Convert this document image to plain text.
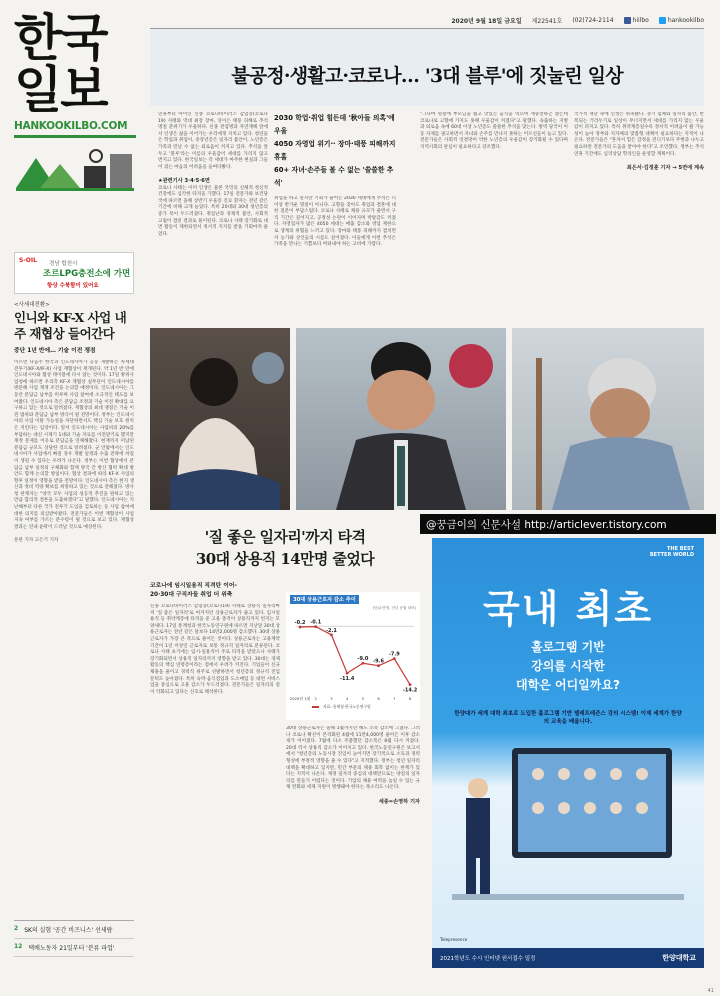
한국
일보
HANKOOKILBO.COM
2020년 9월 18일 금요일 제22541호 (02)724-2114	hiilbo	hankookilbo
불공정·생활고·코로나… '3대 블루'에 짓눌린 일상
연휴부터 아이인 신종 코로나바이러스 감염증(코로나19) 사태와 역대 최장 장마, 연이은 태풍 피해로 추석 명절 분위기가 우울하다. 신종 전염병과 자연재해 앞에서 인생은 삶을 이어가는 우리에게 지치고 있다. 청년들은 학업과 취업이, 중장년층은 일자리 불안이, 노년층은 가족과 만날 수 없는 외로움이 커지고 있다. 추석을 앞두고 '블루'라는 이름의 우울감이 세대를 가리지 않고 번지고 있다. 한국일보는 각 세대가 마주한 현실과 그들이 겪는 마음의 어려움을 들여다봤다.

★관련기사 3·4·5·6면
코로나 사태는 이미 인생은 물론 국민의 신체적 정신적 건강에도 심각한 타격을 가했다. 17일 전문가와 보건당국에 따르면 올해 상반기 우울증 진료 환자는 전년 같은 기간에 비해 크게 늘었다. 특히 20대와 30대 청년층의 증가 폭이 두드러졌다. 취업난과 경제적 불안, 사회적 고립이 겹친 결과로 풀이된다. 코로나 사태 장기화로 대면 활동이 제한되면서 정서적 지지를 받을 기회마저 줄었다.
2030 학업·취업 힘든데 '秋아들 의혹'에 우울
4050 자영업 위기·· 장마·태풍 피해까지 휴홀
60+ 자녀·손주들 볼 수 없는 '쓸쓸한 추석'
취업을 하고 싶지만 기회가 줄어든 2030 세대에게 추석은 더 이상 반가운 명절이 아니다. 고향을 찾아도 취업과 결혼에 대한 질문이 부담스럽다. 코로나 사태로 채용 규모가 줄면서 구직 기간은 길어지고, 공정성 논란이 이어지며 박탈감도 커졌다. 자영업자가 많은 4050 세대는 매출 감소와 영업 제한으로 생계의 위협을 느끼고 있다. 장마와 태풍 피해까지 겹치면서 농가와 상인들의 시름도 깊어졌다. 이들에게 이번 추석은 가족을 만나는 기쁨보다 버텨내야 하는 고비에 가깝다.
"그나마 명절에 부모님을 뵙고 맛있는 음식을 먹으며 재충전하곤 했는데 코로나로 고향에 가지도 못해 우울감이 커졌다"고 말했다. 속출하는 지병과 외로움 속에 60대 이상 노년층도 쓸쓸한 추석을 맞는다. 방역 당국이 이동 자제를 권고하면서 자녀와 손주를 만나지 못하는 어르신들이 늘고 있다. 전문가들은 사회적 연결망이 약한 노년층의 우울감이 장기화될 수 있다며 지역사회의 관심이 필요하다고 강조했다.
국가적 재난 속에 인생은 위축됐다. 경기 침체와 일자리 불안, 반복되는 거리두기로 일상이 무너지면서 세대를 가리지 않는 우울감이 퍼지고 있다. 특히 취약계층일수록 정서적 어려움이 클 가능성이 높아 정부와 지자체의 맞춤형 대책이 필요하다는 지적이 나온다. 전문가들은 "혼자서 힘든 감정을 견디기보다 주변과 나누고 필요하면 전문가의 도움을 받아야 한다"고 조언했다. 정부는 추석 연휴 기간에도 심리상담 핫라인을 운영할 계획이다.

최은서·김정훈 기자 → 5면에 계속
S-OIL 경남 합천시
조르LPG충전소에 가면
항상 수북함이 있어요
<사세대전환>
인니와 KF-X 사업 내주 재협상 들어간다
중단 1년 반에… 기술 이전 쟁점
이르면 다음주 한국과 인도네시아가 공동 개발하는 차세대 전투기(KF-X/IF-X) 사업 재협상이 재개된다. 약 1년 반 만에 인도네시아와 협상 테이블에 다시 앉는 것이다. 17일 방위사업청에 따르면 우리측 KF-X 재협상 실무단이 인도네시아를 방문해 사업 재개 조건을 논의할 예정이다. 인도네시아는 그동안 분담금 납부를 미루며 사업 참여에 소극적인 태도를 보여왔다. 인도네시아 측은 분담금 조정과 기술 이전 확대를 요구하고 있는 것으로 알려졌다. 재협상의 최대 쟁점은 기술 이전 범위와 분담금 납부 방식이 될 전망이다. 정부는 인도네시아의 사업 이탈 가능성을 차단하면서도 핵심 기술 보호 원칙은 지킨다는 입장이다. 앞서 인도네시아는 사업비의 20%를 부담하는 대신 시제기 1대와 기술 자료를 이전받기로 했지만 재정 문제를 이유로 분담금을 연체해왔다. 현재까지 미납된 분담금 규모도 상당한 것으로 알려졌다. 군 안팎에서는 인도네시아가 사업에서 빠질 경우 개발 일정과 수출 전략에 차질이 생길 수 있다는 우려가 나온다. 정부는 이번 협상에서 분담금 납부 일정의 구체화와 함께 양국 간 방산 협력 확대 방안도 함께 논의할 방침이다. 협상 결과에 따라 KF-X 사업의 향후 일정이 영향을 받을 전망이다. 인도네시아 측은 현지 생산과 정비 역량 확보를 희망하고 있는 것으로 전해졌다. 방사청 관계자는 "양국 모두 사업의 성공적 추진을 원하고 있는 만큼 합리적 결론을 도출하겠다"고 말했다. 인도네시아는 지난해부터 다른 국가 전투기 도입을 검토하는 등 사업 참여에 대한 의지를 의심받아왔다. 전문가들은 이번 재협상이 사업 지속 여부를 가르는 분수령이 될 것으로 보고 있다. 재협상 결과는 연내 윤곽이 드러날 것으로 예상된다.

문관 기자 고은기 기자
2 SK의 실험 '공간 비즈니스' 선새람
12 택배노동자 21일부터 '분류 파업'
'질 좋은 일자리'까지 타격
30대 상용직 14만명 줄었다
코로나에 임시일용직 직격탄 이어-
20·30대 구직자들 취업 더 위축
신종 코로나바이러스 감염증(코로나19) 사태로 상용직 일자리마저 '질 좋은 일자리'로 여겨지던 상용근로자가 줄고 있다. 임시일용직 등 취약계층에 타격을 준 고용 충격이 상용직까지 번지는 모양새다. 17일 통계청과 한국노동연구원에 따르면 지난달 30대 상용근로자는 전년 같은 달보다 14만2,000명 감소했다. 30대 상용근로자가 가장 큰 폭으로 줄어든 것이다. 상용근로자는 고용계약 기간이 1년 이상인 근로자로 보통 정규직 일자리로 분류된다. 코로나 사태 초기에는 임시·일용직이 주로 타격을 받았으나 사태가 장기화되면서 상용직 일자리까지 영향을 받고 있다. 30대는 경제활동의 핵심 연령층이라는 점에서 우려가 커진다. 기업들이 신규 채용을 줄이고 경력직 위주로 선발하면서 청년층의 정규직 진입 문턱도 높아졌다. 특히 숙박·음식점업과 도소매업 등 대면 서비스업을 중심으로 고용 감소가 두드러졌다. 전문가들은 일자리의 질이 악화되고 있다는 신호로 해석한다.
30대 상용근로자는 올해 1월까지만 해도 소폭 감소에 그쳤다. 그러나 코로나 확산이 본격화된 4월에 11만4,000명 줄어든 이후 감소세가 이어졌다. 7월에 다소 주춤했던 감소폭은 8월 다시 커졌다. 20대 역시 상용직 감소가 이어지고 있다. 한국노동연구원은 보고서에서 "청년층의 노동시장 진입이 늦어지면 장기적으로 소득과 경력 형성에 부정적 영향을 줄 수 있다"고 지적했다. 정부는 청년 일자리 대책을 확대하고 있지만, 민간 부문의 채용 회복 없이는 한계가 있다는 지적이 나온다. 재정 일자리 중심의 대책만으로는 양질의 일자리를 만들기 어렵다는 것이다. 기업의 채용 여력을 높일 수 있는 규제 완화와 세제 지원이 병행돼야 한다는 목소리도 나온다.

세종=손영하 기자
30대 상용근로자 감소 추이
(단위:만명, 전년 동월 대비)
-0.2
2020년 1월
-0.1
2
-2.1
3
-11.4
4
-9.0
5
-9.6
6
-7.9
7
-14.2
8
자료: 통계청·한국노동연구원
@꿍금이의 신문사설 http://articlever.tistory.com
THE BEST
BETTER WORLD
국내 최초
홀로그램 기반
강의를 시작한
대학은 어디일까요?
한양대가 세계 대학 최초로 도입한 홀로그램 기반 텔레프레즌스 강의 시스템! 이제 세계가 한양의 교육을 배웁니다.
Telepresence
2021학년도 수시 인터넷 원서접수 일정	한양대학교
41
